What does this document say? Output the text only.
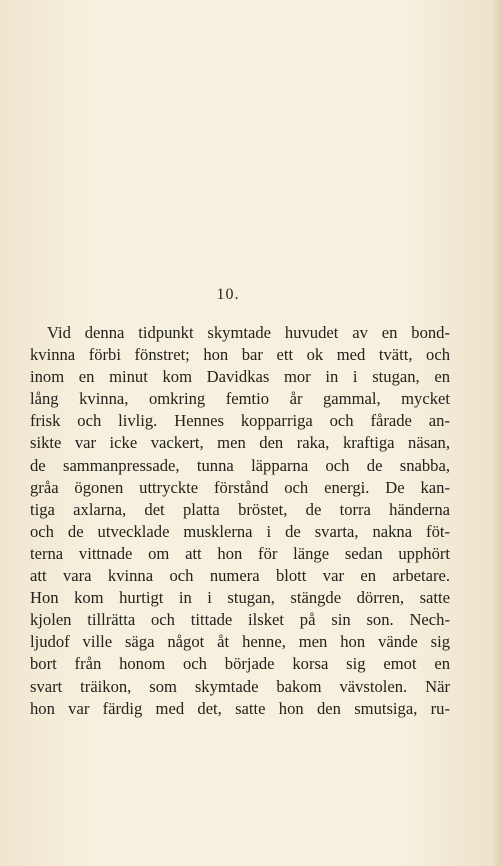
10.
Vid denna tidpunkt skymtade huvudet av en bond-
kvinna förbi fönstret; hon bar ett ok med tvätt, och
inom en minut kom Davidkas mor in i stugan, en
lång kvinna, omkring femtio år gammal, mycket
frisk och livlig. Hennes kopparriga och fårade an-
sikte var icke vackert, men den raka, kraftiga näsan,
de sammanpressade, tunna läpparna och de snabba,
gråa ögonen uttryckte förstånd och energi. De kan-
tiga axlarna, det platta bröstet, de torra händerna
och de utvecklade musklerna i de svarta, nakna föt-
terna vittnade om att hon för länge sedan upphört
att vara kvinna och numera blott var en arbetare.
Hon kom hurtigt in i stugan, stängde dörren, satte
kjolen tillrätta och tittade ilsket på sin son. Nech-
ljudof ville säga något åt henne, men hon vände sig
bort från honom och började korsa sig emot en
svart träikon, som skymtade bakom vävstolen. När
hon var färdig med det, satte hon den smutsiga, ru-
